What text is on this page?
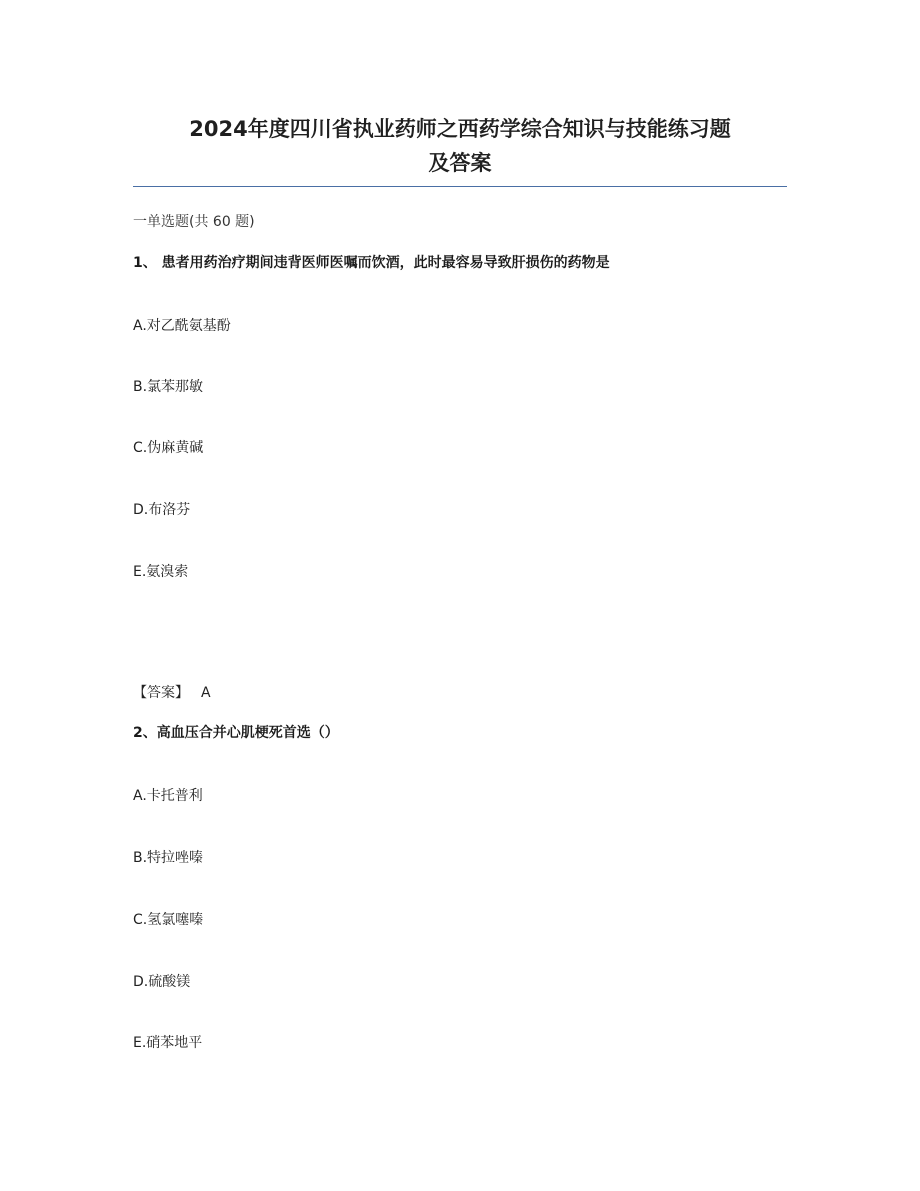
2024年度四川省执业药师之西药学综合知识与技能练习题
及答案
一单选题(共 60 题)
1、 患者用药治疗期间违背医师医嘱而饮酒，此时最容易导致肝损伤的药物是
A.对乙酰氨基酚
B.氯苯那敏
C.伪麻黄碱
D.布洛芬
E.氨溴索
【答案】 A
2、高血压合并心肌梗死首选（）
A.卡托普利
B.特拉唑嗪
C.氢氯噻嗪
D.硫酸镁
E.硝苯地平
